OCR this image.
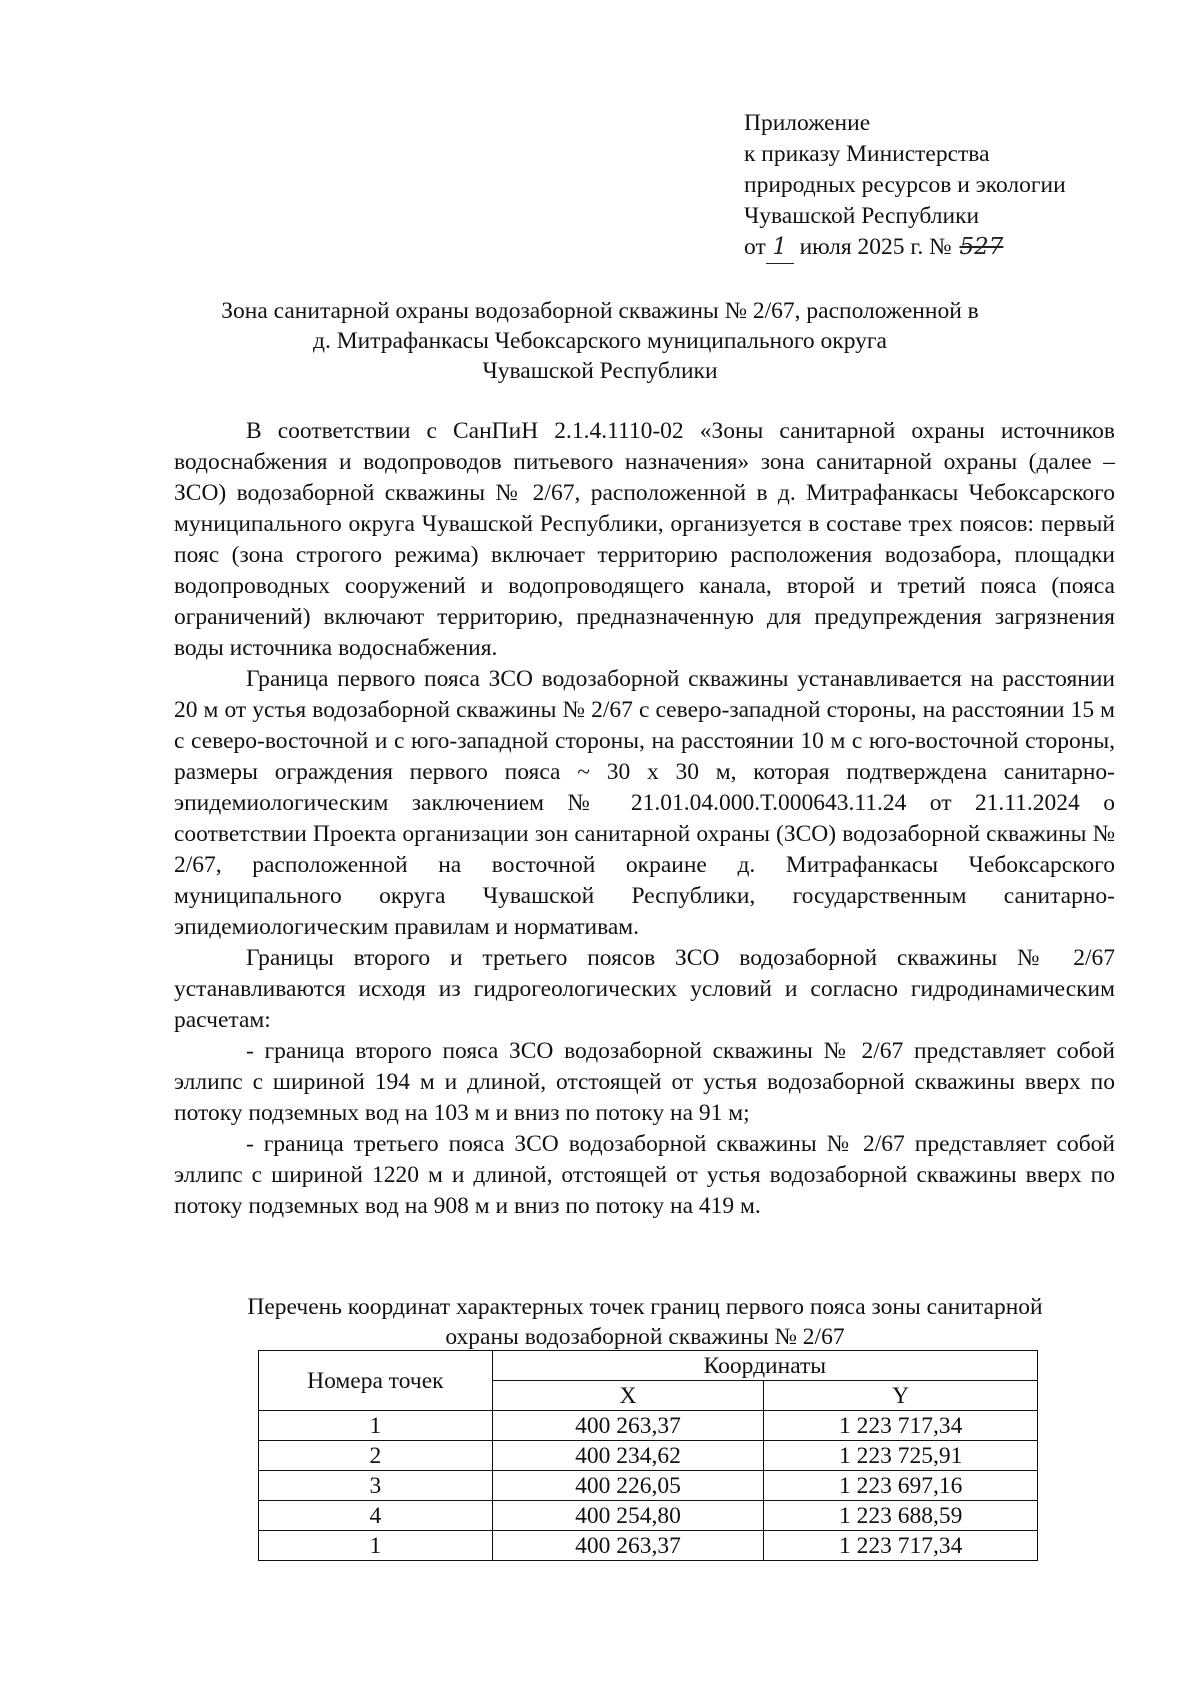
Приложение
к приказу Министерства
природных ресурсов и экологии
Чувашской Республики
от 1 июля 2025 г. № 527
Зона санитарной охраны водозаборной скважины № 2/67, расположенной в
д. Митрафанкасы Чебоксарского муниципального округа
Чувашской Республики

В соответствии с СанПиН 2.1.4.1110-02 «Зоны санитарной охраны источников водоснабжения и водопроводов питьевого назначения» зона санитарной охраны (далее – ЗСО) водозаборной скважины № 2/67, расположенной в д. Митрафанкасы Чебоксарского муниципального округа Чувашской Республики, организуется в составе трех поясов: первый пояс (зона строгого режима) включает территорию расположения водозабора, площадки водопроводных сооружений и водопроводящего канала, второй и третий пояса (пояса ограничений) включают территорию, предназначенную для предупреждения загрязнения воды источника водоснабжения.

Граница первого пояса ЗСО водозаборной скважины устанавливается на расстоянии 20 м от устья водозаборной скважины № 2/67 с северо-западной стороны, на расстоянии 15 м с северо-восточной и с юго-западной стороны, на расстоянии 10 м с юго-восточной стороны, размеры ограждения первого пояса ~ 30 х 30 м, которая подтверждена санитарно-эпидемиологическим заключением № 21.01.04.000.Т.000643.11.24 от 21.11.2024 о соответствии Проекта организации зон санитарной охраны (ЗСО) водозаборной скважины № 2/67, расположенной на восточной окраине д. Митрафанкасы Чебоксарского муниципального округа Чувашской Республики, государственным санитарно-эпидемиологическим правилам и нормативам.

Границы второго и третьего поясов ЗСО водозаборной скважины № 2/67 устанавливаются исходя из гидрогеологических условий и согласно гидродинамическим расчетам:

- граница второго пояса ЗСО водозаборной скважины № 2/67 представляет собой эллипс с шириной 194 м и длиной, отстоящей от устья водозаборной скважины вверх по потоку подземных вод на 103 м и вниз по потоку на 91 м;

- граница третьего пояса ЗСО водозаборной скважины № 2/67 представляет собой эллипс с шириной 1220 м и длиной, отстоящей от устья водозаборной скважины вверх по потоку подземных вод на 908 м и вниз по потоку на 419 м.

Перечень координат характерных точек границ первого пояса зоны санитарной
охраны водозаборной скважины № 2/67
Номера точек	Координаты	
	X	Y
1	400 263,37	1 223 717,34
2	400 234,62	1 223 725,91
3	400 226,05	1 223 697,16
4	400 254,80	1 223 688,59
1	400 263,37	1 223 717,34
